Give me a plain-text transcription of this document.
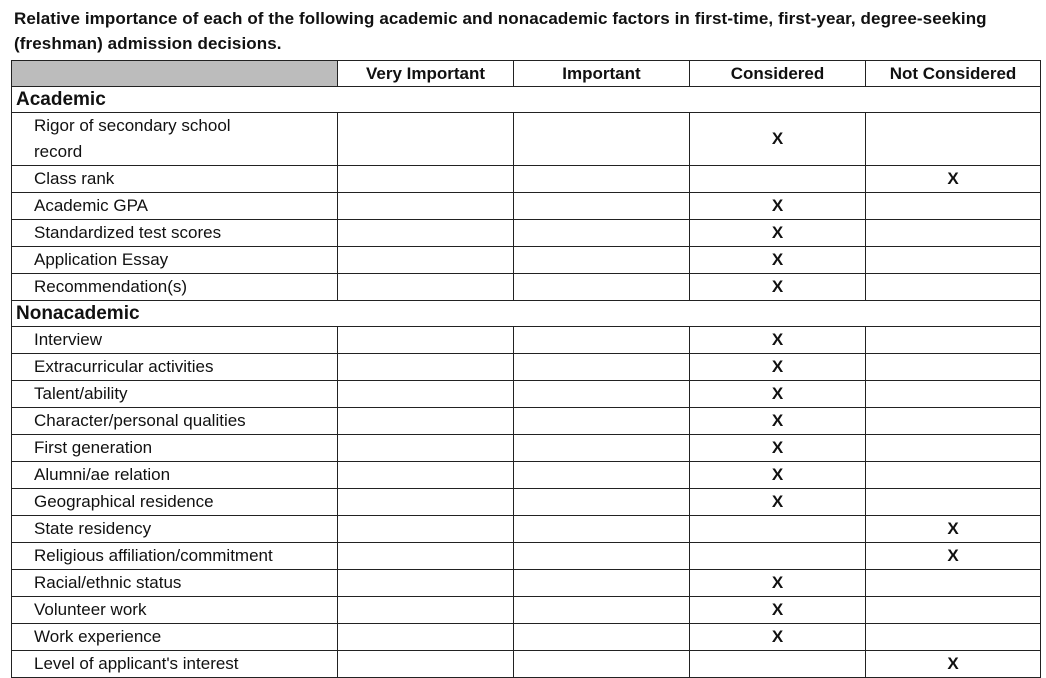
Relative importance of each of the following academic and nonacademic factors in first-time, first-year, degree-seeking (freshman) admission decisions.
	Very Important	Important	Considered	Not Considered
Academic				
Rigor of secondary school record			X	
Class rank				X
Academic GPA			X	
Standardized test scores			X	
Application Essay			X	
Recommendation(s)			X	
Nonacademic				
Interview			X	
Extracurricular activities			X	
Talent/ability			X	
Character/personal qualities			X	
First generation			X	
Alumni/ae relation			X	
Geographical residence			X	
State residency				X
Religious affiliation/commitment				X
Racial/ethnic status			X	
Volunteer work			X	
Work experience			X	
Level of applicant's interest				X
